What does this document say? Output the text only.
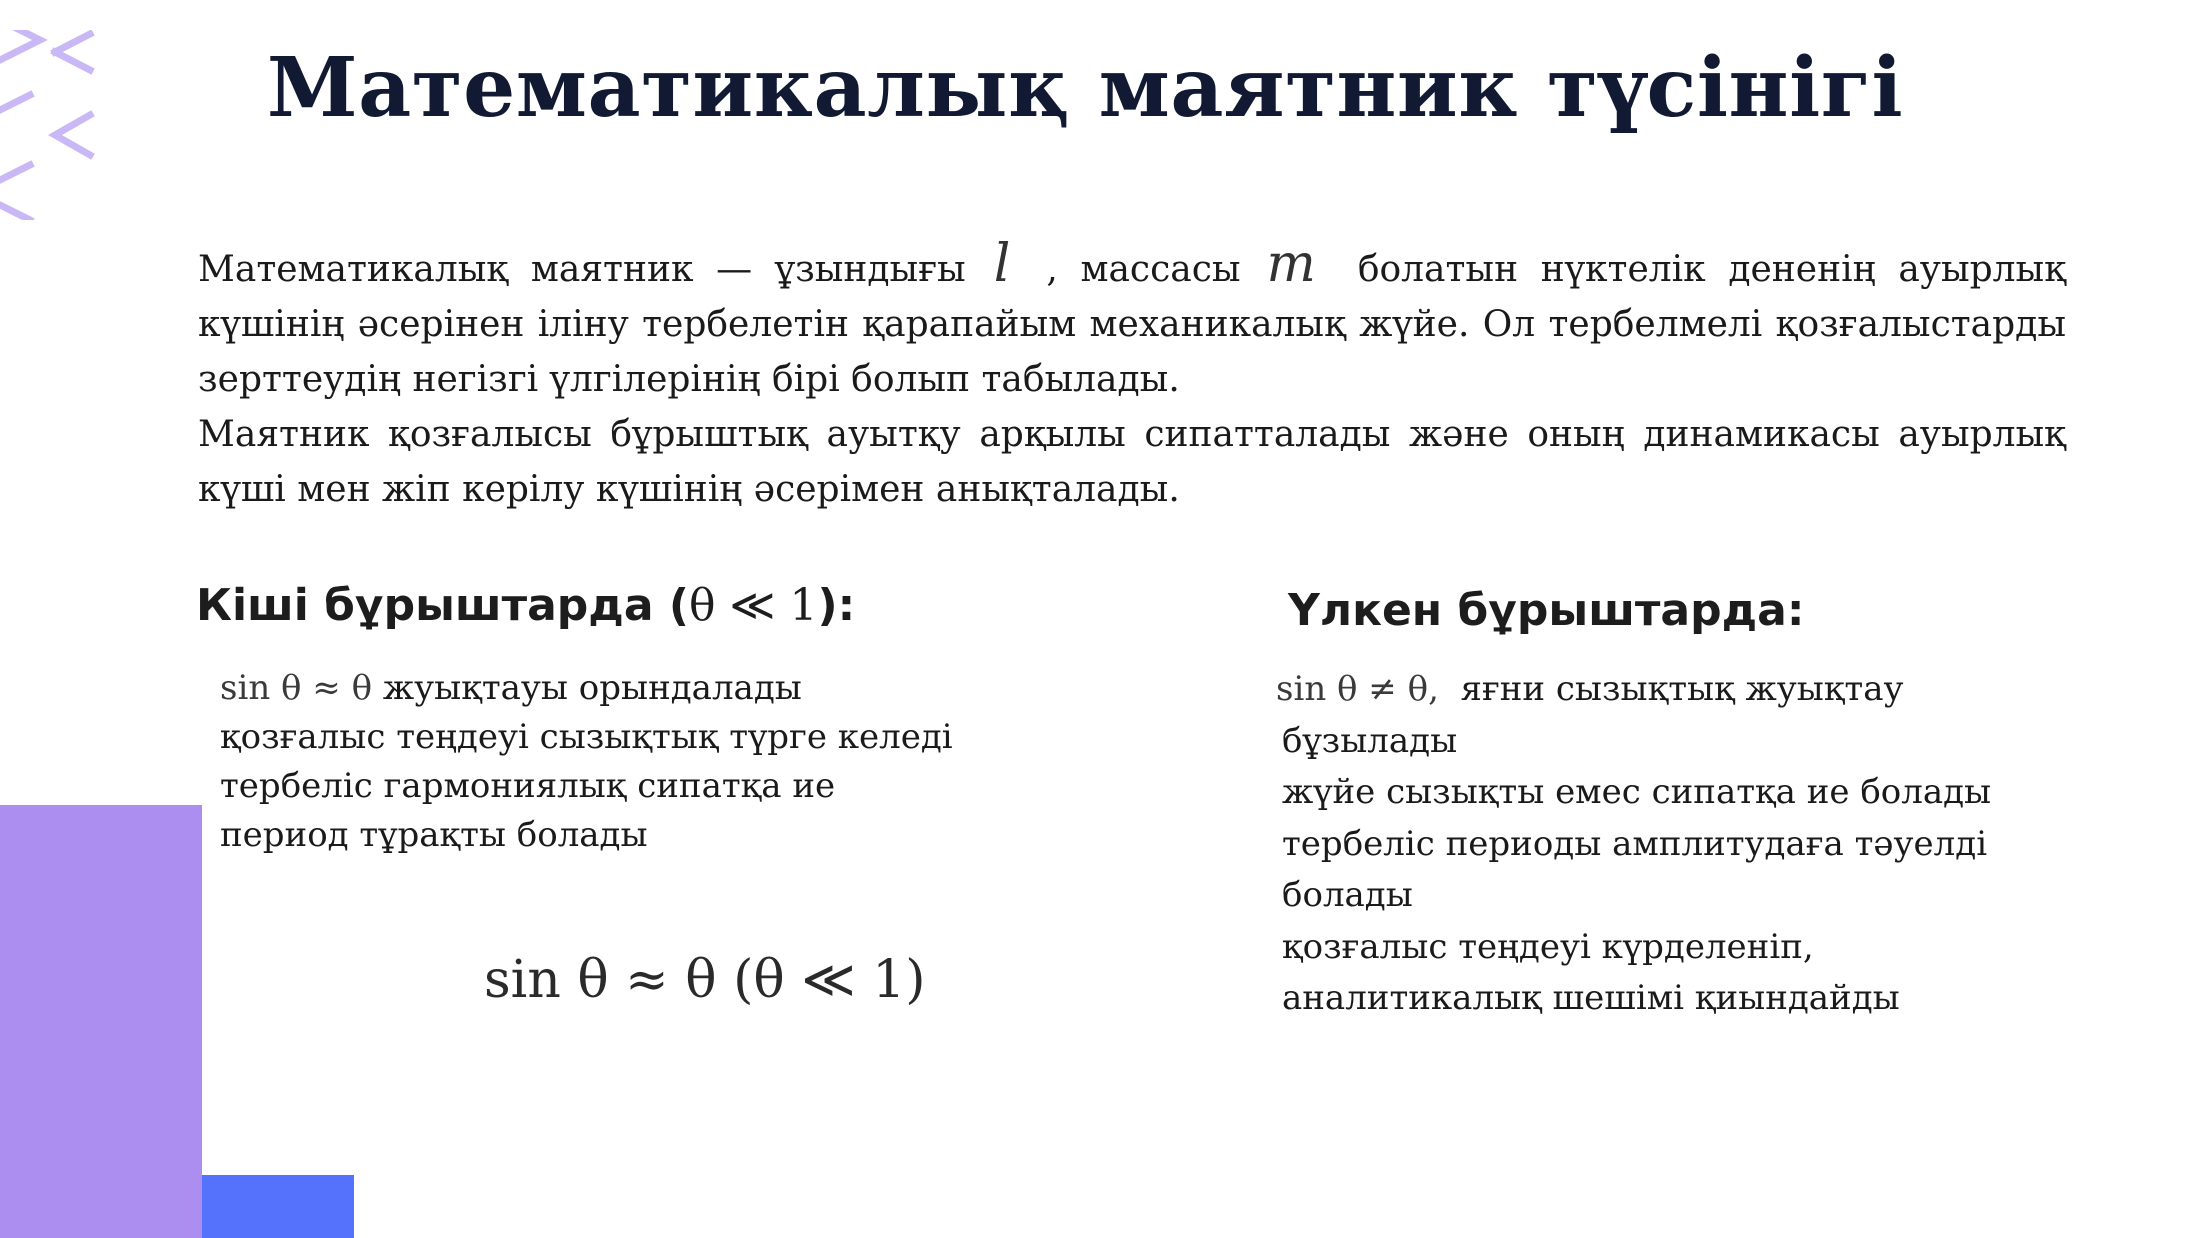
Математикалық маятник түсінігі

Математикалық маятник — ұзындығы l , массасы m болатын нүктелік дененің ауырлық күшінің әсерінен іліну тербелетін қарапайым механикалық жүйе. Ол тербелмелі қозғалыстарды зерттеудің негізгі үлгілерінің бірі болып табылады.

Маятник қозғалысы бұрыштық ауытқу арқылы сипатталады және оның динамикасы ауырлық күші мен жіп керілу күшінің әсерімен анықталады.

Кіші бұрыштарда (θ ≪ 1):
sin θ ≈ θ жуықтауы орындалады
қозғалыс теңдеуі сызықтық түрге келеді
тербеліс гармониялық сипатқа ие
период тұрақты болады
sin θ ≈ θ (θ ≪ 1)
Үлкен бұрыштарда:
sin θ ≠ θ, яғни сызықтық жуықтау
бұзылады
жүйе сызықты емес сипатқа ие болады
тербеліс периоды амплитудаға тәуелді
болады
қозғалыс теңдеуі күрделеніп,
аналитикалық шешімі қиындайды
